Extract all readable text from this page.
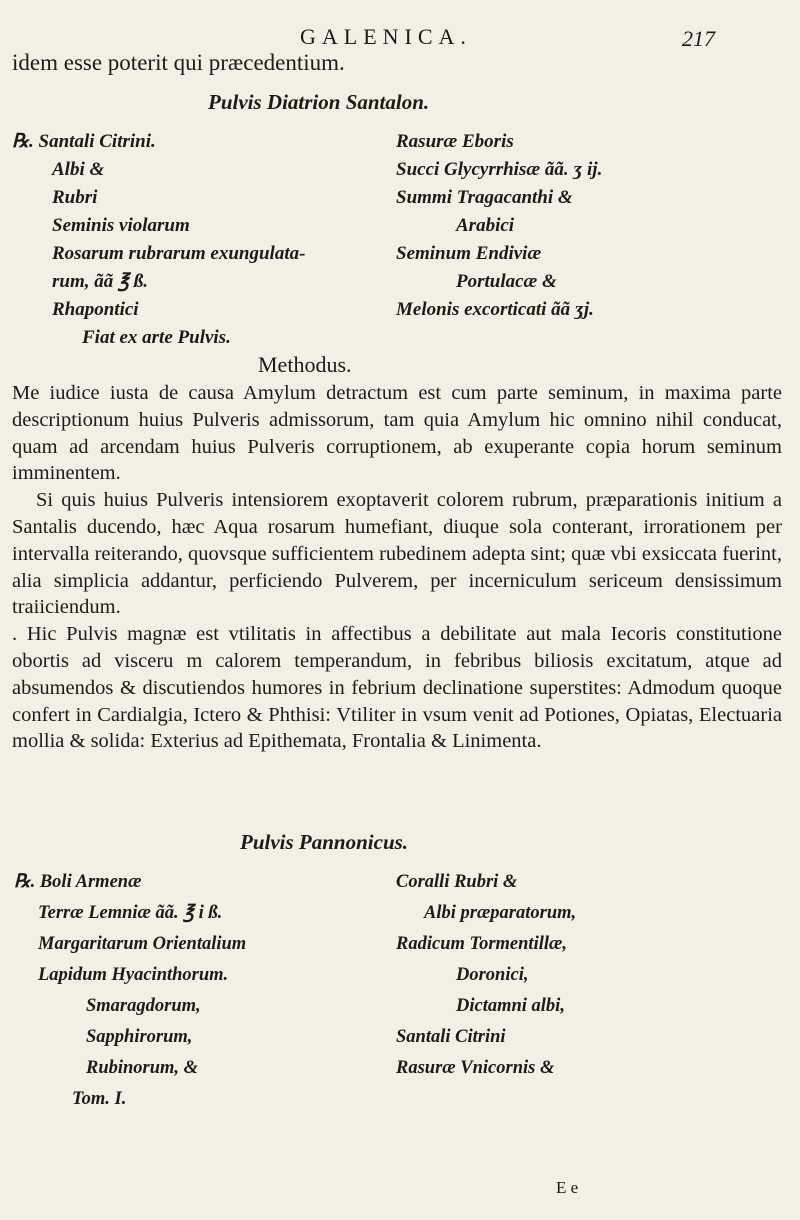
GALENICA.	217
idem esse poterit qui præcedentium.
Pulvis Diatrion Santalon.
℞. Santali Citrini.
Albi &
Rubri
Seminis violarum
Rosarum rubrarum exungulata-
rum, ãã ℥ ß.
Rhapontici
Fiat ex arte Pulvis.
Rasuræ Eboris
Succi Glycyrrhisæ ãã. ʒ ij.
Summi Tragacanthi &
Arabici
Seminum Endiviæ
Portulacæ &
Melonis excorticati ãã ʒj.
Methodus.

Me iudice iusta de causa Amylum detractum est cum parte seminum, in maxima parte descriptionum huius Pulveris admissorum, tam quia Amylum hic omnino nihil conducat, quam ad arcendam huius Pulveris corruptionem, ab exuperante copia horum seminum imminentem.

Si quis huius Pulveris intensiorem exoptaverit colorem rubrum, præparationis initium a Santalis ducendo, hæc Aqua rosarum humefiant, diuque sola conterant, irrorationem per intervalla reiterando, quovsque sufficientem rubedinem adepta sint; quæ vbi exsiccata fuerint, alia simplicia addantur, perficiendo Pulverem, per incerniculum sericeum densissimum traiiciendum.

. Hic Pulvis magnæ est vtilitatis in affectibus a debilitate aut mala Iecoris constitutione obortis ad visceru m calorem temperandum, in febribus biliosis excitatum, atque ad absumendos & discutiendos humores in febrium declinatione superstites: Admodum quoque confert in Cardialgia, Ictero & Phthisi: Vtiliter in vsum venit ad Potiones, Opiatas, Electuaria mollia & solida: Exterius ad Epithemata, Frontalia & Linimenta.

Pulvis Pannonicus.
℞. Boli Armenæ
Terræ Lemniæ ãã. ℥ i ß.
Margaritarum Orientalium
Lapidum Hyacinthorum.
Smaragdorum,
Sapphirorum,
Rubinorum, &
Tom. I.
Coralli Rubri &
Albi præparatorum,
Radicum Tormentillæ,
Doronici,
Dictamni albi,
Santali Citrini
Rasuræ Vnicornis &
E e
